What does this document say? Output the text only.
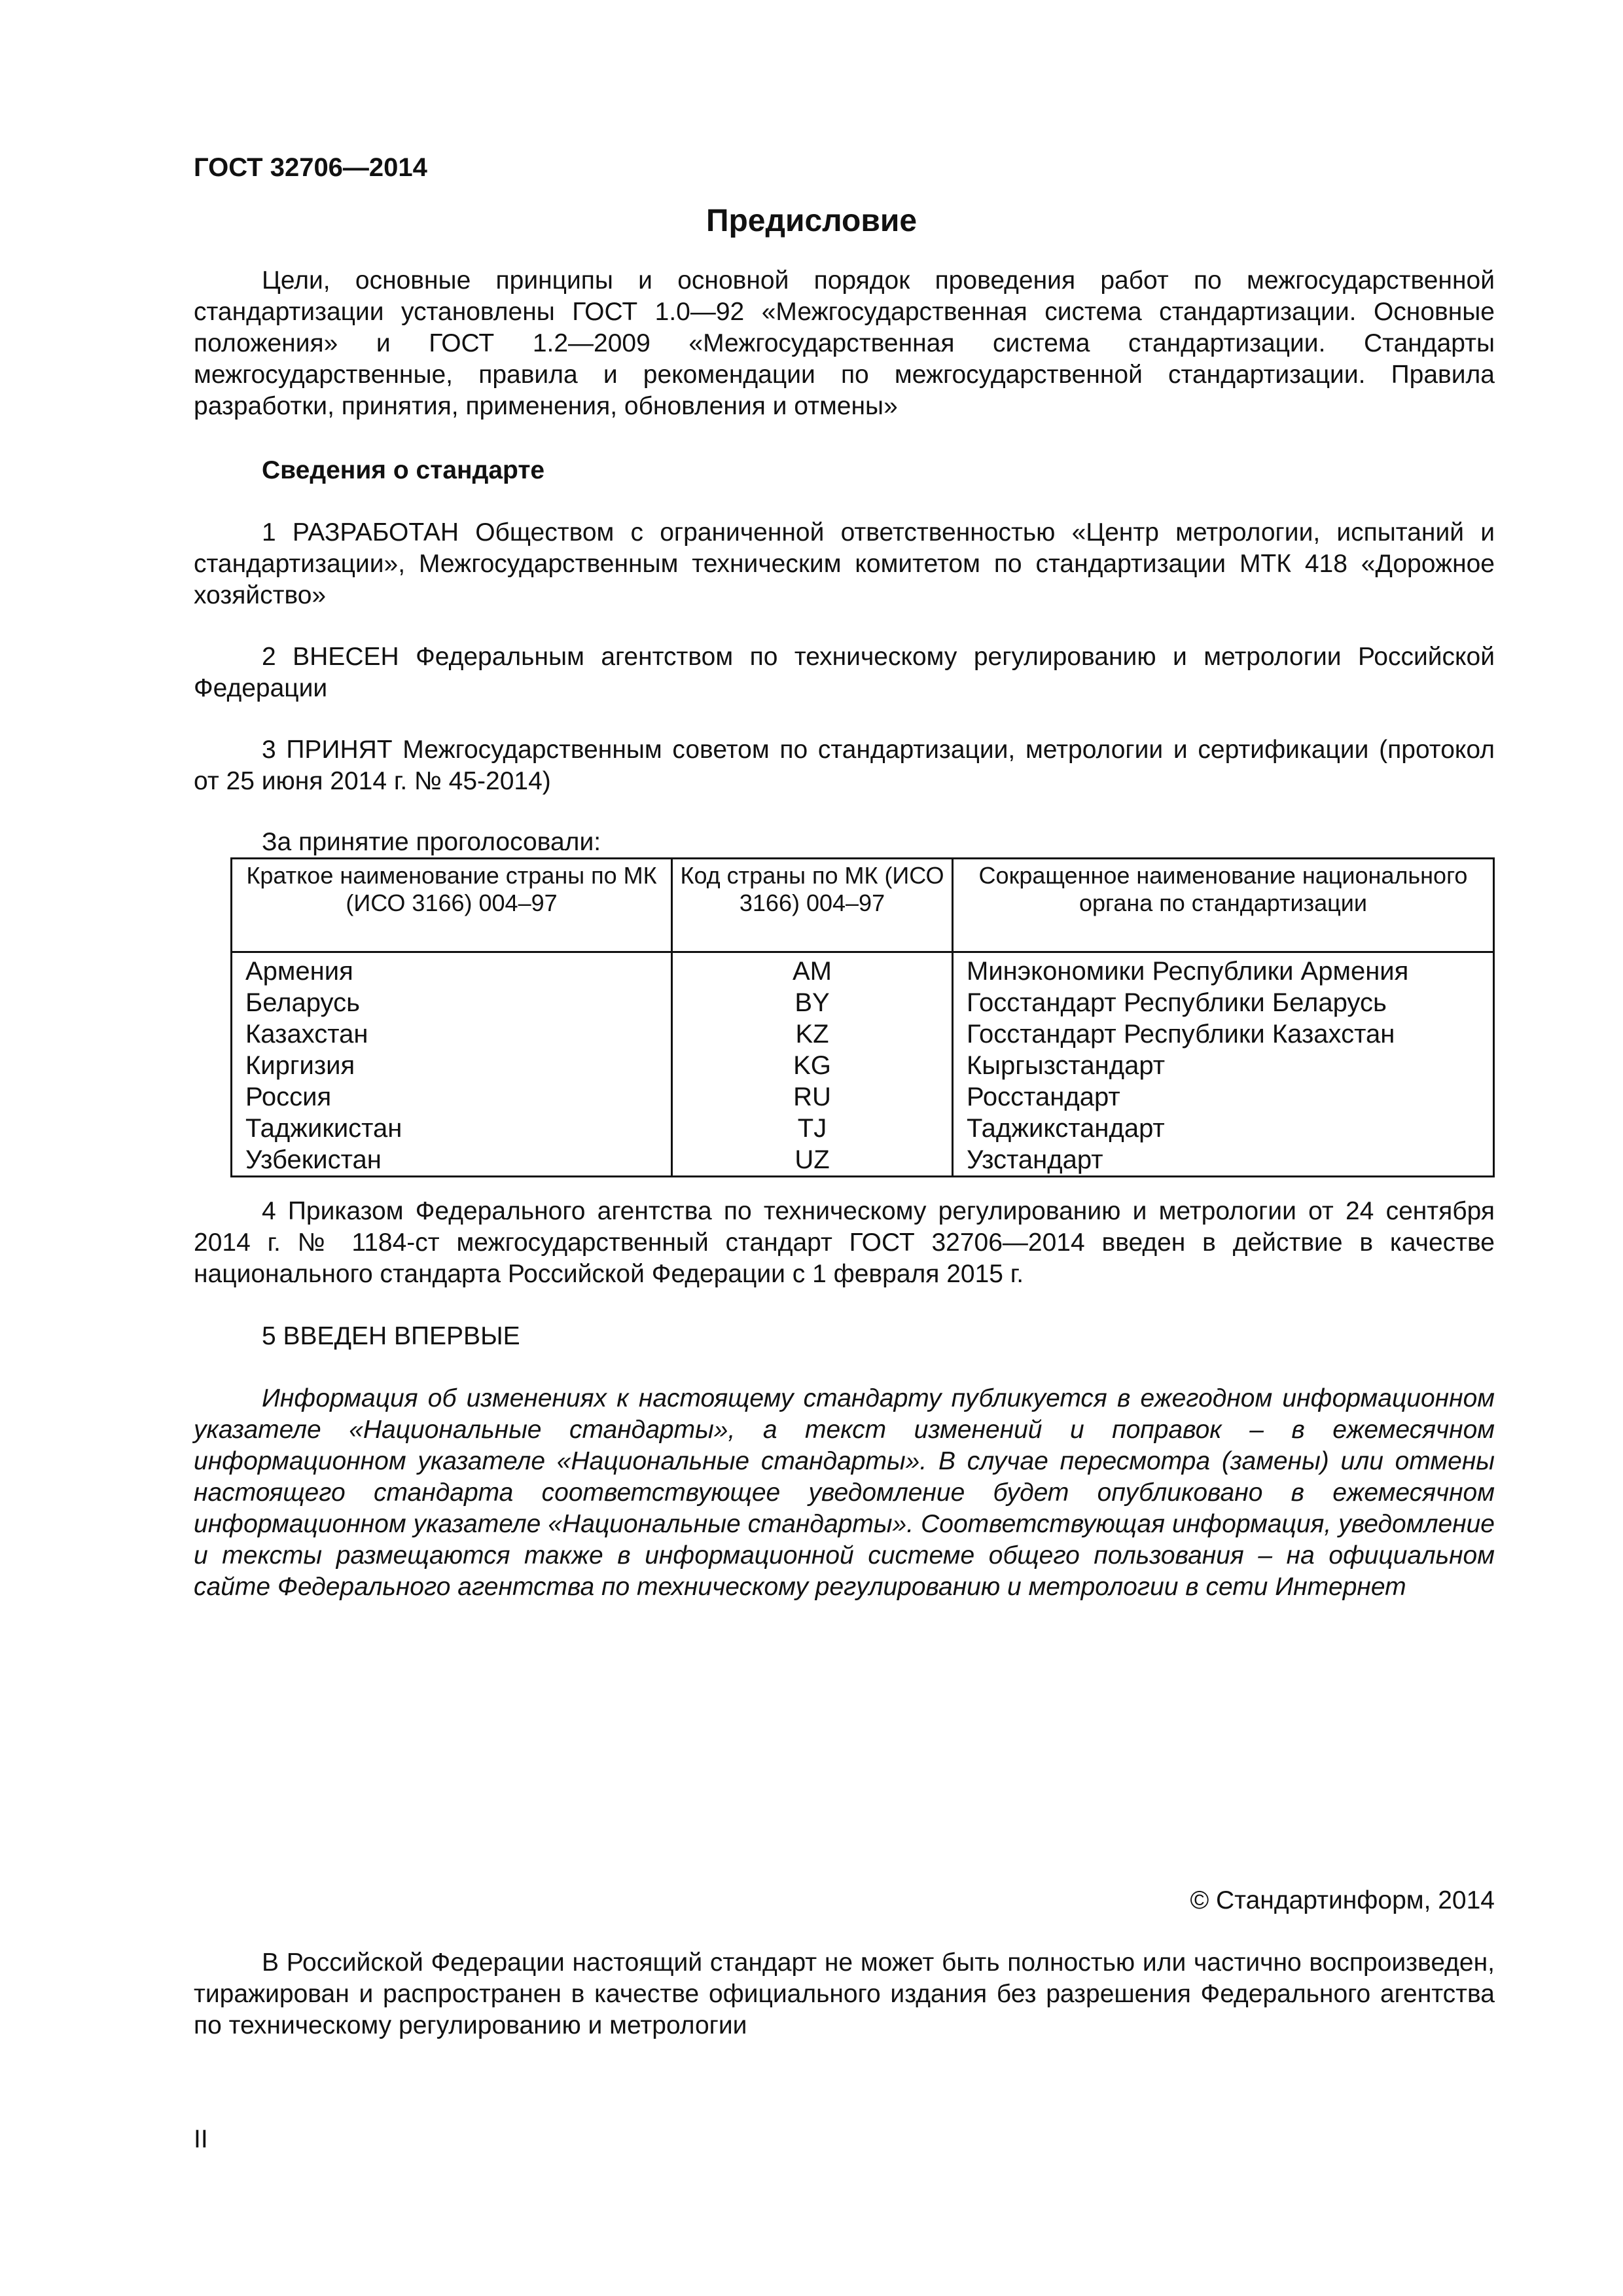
ГОСТ 32706—2014
Предисловие

Цели, основные принципы и основной порядок проведения работ по межгосударственной стандартизации установлены ГОСТ 1.0—92 «Межгосударственная система стандартизации. Основные положения» и ГОСТ 1.2—2009 «Межгосударственная система стандартизации. Стандарты межгосударственные, правила и рекомендации по межгосударственной стандартизации. Правила разработки, принятия, применения, обновления и отмены»

Сведения о стандарте

1 РАЗРАБОТАН Обществом с ограниченной ответственностью «Центр метрологии, испытаний и стандартизации», Межгосударственным техническим комитетом по стандартизации МТК 418 «Дорожное хозяйство»

2 ВНЕСЕН Федеральным агентством по техническому регулированию и метрологии Российской Федерации

3 ПРИНЯТ Межгосударственным советом по стандартизации, метрологии и сертификации (протокол от 25 июня 2014 г. № 45-2014)

За принятие проголосовали:
Краткое наименование страны по МК (ИСО 3166) 004–97	Код страны по МК (ИСО 3166) 004–97	Сокращенное наименование национального органа по стандартизации
Армения	AM	Минэкономики Республики Армения
Беларусь	BY	Госстандарт Республики Беларусь
Казахстан	KZ	Госстандарт Республики Казахстан
Киргизия	KG	Кыргызстандарт
Россия	RU	Росстандарт
Таджикистан	TJ	Таджикстандарт
Узбекистан	UZ	Узстандарт

4 Приказом Федерального агентства по техническому регулированию и метрологии от 24 сентября 2014 г. № 1184-ст межгосударственный стандарт ГОСТ 32706—2014 введен в действие в качестве национального стандарта Российской Федерации с 1 февраля 2015 г.

5 ВВЕДЕН ВПЕРВЫЕ

Информация об изменениях к настоящему стандарту публикуется в ежегодном информационном указателе «Национальные стандарты», а текст изменений и поправок – в ежемесячном информационном указателе «Национальные стандарты». В случае пересмотра (замены) или отмены настоящего стандарта соответствующее уведомление будет опубликовано в ежемесячном информационном указателе «Национальные стандарты». Соответствующая информация, уведомление и тексты размещаются также в информационной системе общего пользования – на официальном сайте Федерального агентства по техническому регулированию и метрологии в сети Интернет

© Стандартинформ, 2014

В Российской Федерации настоящий стандарт не может быть полностью или частично воспроизведен, тиражирован и распространен в качестве официального издания без разрешения Федерального агентства по техническому регулированию и метрологии

II
